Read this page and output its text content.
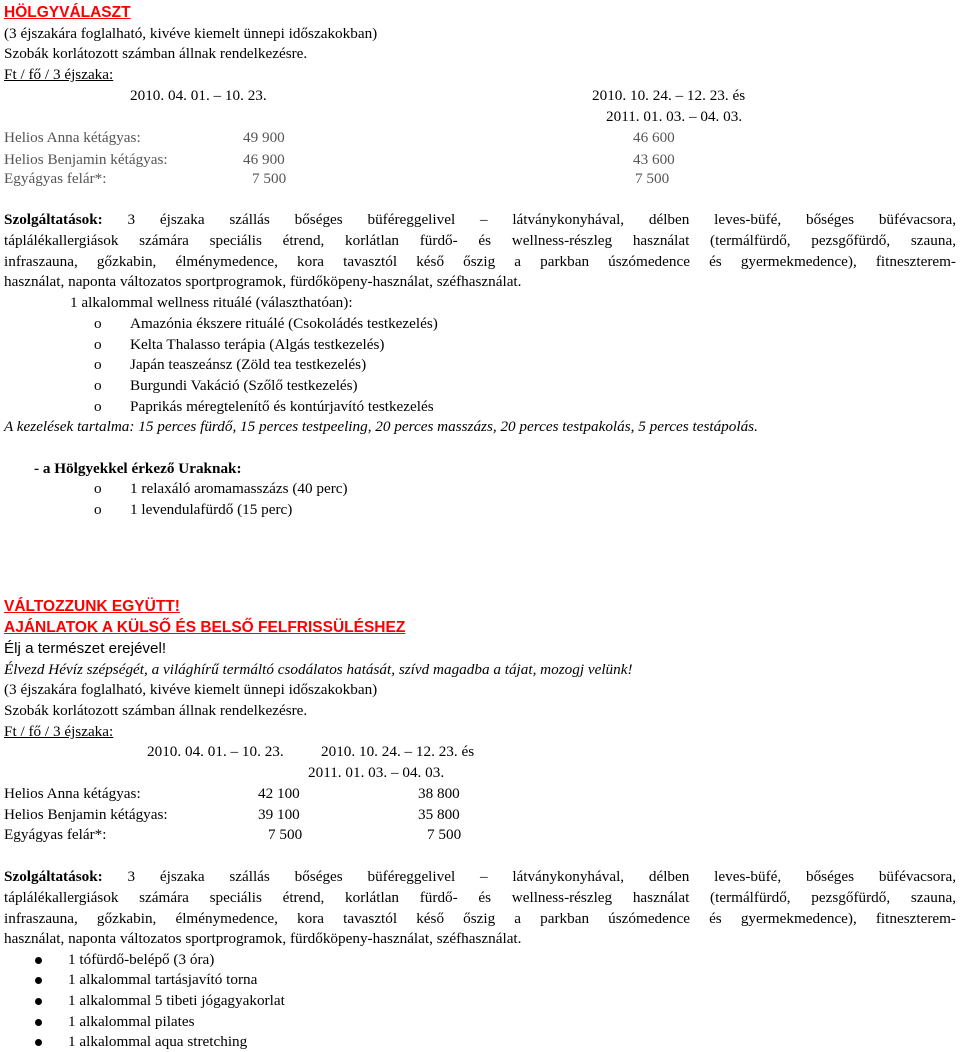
HÖLGYVÁLASZT
(3 éjszakára foglalható, kivéve kiemelt ünnepi időszakokban)
Szobák korlátozott számban állnak rendelkezésre.
Ft / fő / 3 éjszaka:
2010. 04. 01. – 10. 23.	2010. 10. 24. – 12. 23. és
2011. 01. 03. – 04. 03.
Helios Anna kétágyas:	49 900	46 600
Helios Benjamin kétágyas:	46 900	43 600
Egyágyas felár*:	7 500	7 500
Szolgáltatások: 3 éjszaka szállás bőséges büféreggelivel – látványkonyhával, délben leves-büfé, bőséges büfévacsora,
táplálékallergiások számára speciális étrend, korlátlan fürdő- és wellness-részleg használat (termálfürdő, pezsgőfürdő, szauna,
infraszauna, gőzkabin, élménymedence, kora tavasztól késő őszig a parkban úszómedence és gyermekmedence), fitneszterem-
használat, naponta változatos sportprogramok, fürdőköpeny-használat, széfhasználat.
1 alkalommal wellness rituálé (választhatóan):
o Amazónia ékszere rituálé (Csokoládés testkezelés)
o Kelta Thalasso terápia (Algás testkezelés)
o Japán teaszeánsz (Zöld tea testkezelés)
o Burgundi Vakáció (Szőlő testkezelés)
o Paprikás méregtelenítő és kontúrjavító testkezelés
A kezelések tartalma: 15 perces fürdő, 15 perces testpeeling, 20 perces masszázs, 20 perces testpakolás, 5 perces testápolás.
- a Hölgyekkel érkező Uraknak:
o 1 relaxáló aromamasszázs (40 perc)
o 1 levendulafürdő (15 perc)
VÁLTOZZUNK EGYÜTT!
AJÁNLATOK A KÜLSŐ ÉS BELSŐ FELFRISSÜLÉSHEZ
Élj a természet erejével!
Élvezd Hévíz szépségét, a világhírű termáltó csodálatos hatását, szívd magadba a tájat, mozogj velünk!
(3 éjszakára foglalható, kivéve kiemelt ünnepi időszakokban)
Szobák korlátozott számban állnak rendelkezésre.
Ft / fő / 3 éjszaka:
2010. 04. 01. – 10. 23. 2010. 10. 24. – 12. 23. és
2011. 01. 03. – 04. 03.
Helios Anna kétágyas:	42 100	38 800
Helios Benjamin kétágyas:	39 100	35 800
Egyágyas felár*:	7 500	7 500
Szolgáltatások: 3 éjszaka szállás bőséges büféreggelivel – látványkonyhával, délben leves-büfé, bőséges büfévacsora,
táplálékallergiások számára speciális étrend, korlátlan fürdő- és wellness-részleg használat (termálfürdő, pezsgőfürdő, szauna,
infraszauna, gőzkabin, élménymedence, kora tavasztól késő őszig a parkban úszómedence és gyermekmedence), fitneszterem-
használat, naponta változatos sportprogramok, fürdőköpeny-használat, széfhasználat.
1 tófürdő-belépő (3 óra)
1 alkalommal tartásjavító torna
1 alkalommal 5 tibeti jógagyakorlat
1 alkalommal pilates
1 alkalommal aqua stretching
